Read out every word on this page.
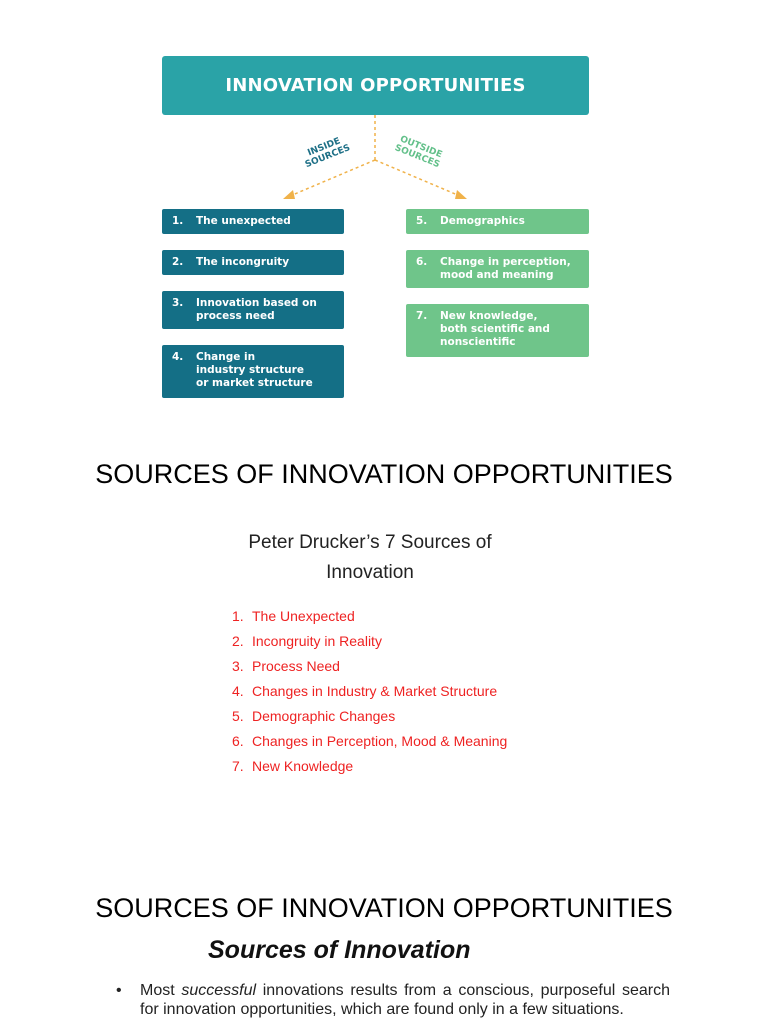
INNOVATION OPPORTUNITIES
INSIDE
SOURCES	OUTSIDE
SOURCES
1.	The unexpected
2.	The incongruity
3.	Innovation based on
process need
4.	Change in
industry structure
or market structure
5.	Demographics
6.	Change in perception,
mood and meaning
7.	New knowledge,
both scientific and
nonscientific
SOURCES OF INNOVATION OPPORTUNITIES
Peter Drucker’s 7 Sources of Innovation
1. The Unexpected
2. Incongruity in Reality
3. Process Need
4. Changes in Industry & Market Structure
5. Demographic Changes
6. Changes in Perception, Mood & Meaning
7. New Knowledge
SOURCES OF INNOVATION OPPORTUNITIES
Sources of Innovation
• Most successful innovations results from a conscious, purposeful search for innovation opportunities, which are found only in a few situations.
